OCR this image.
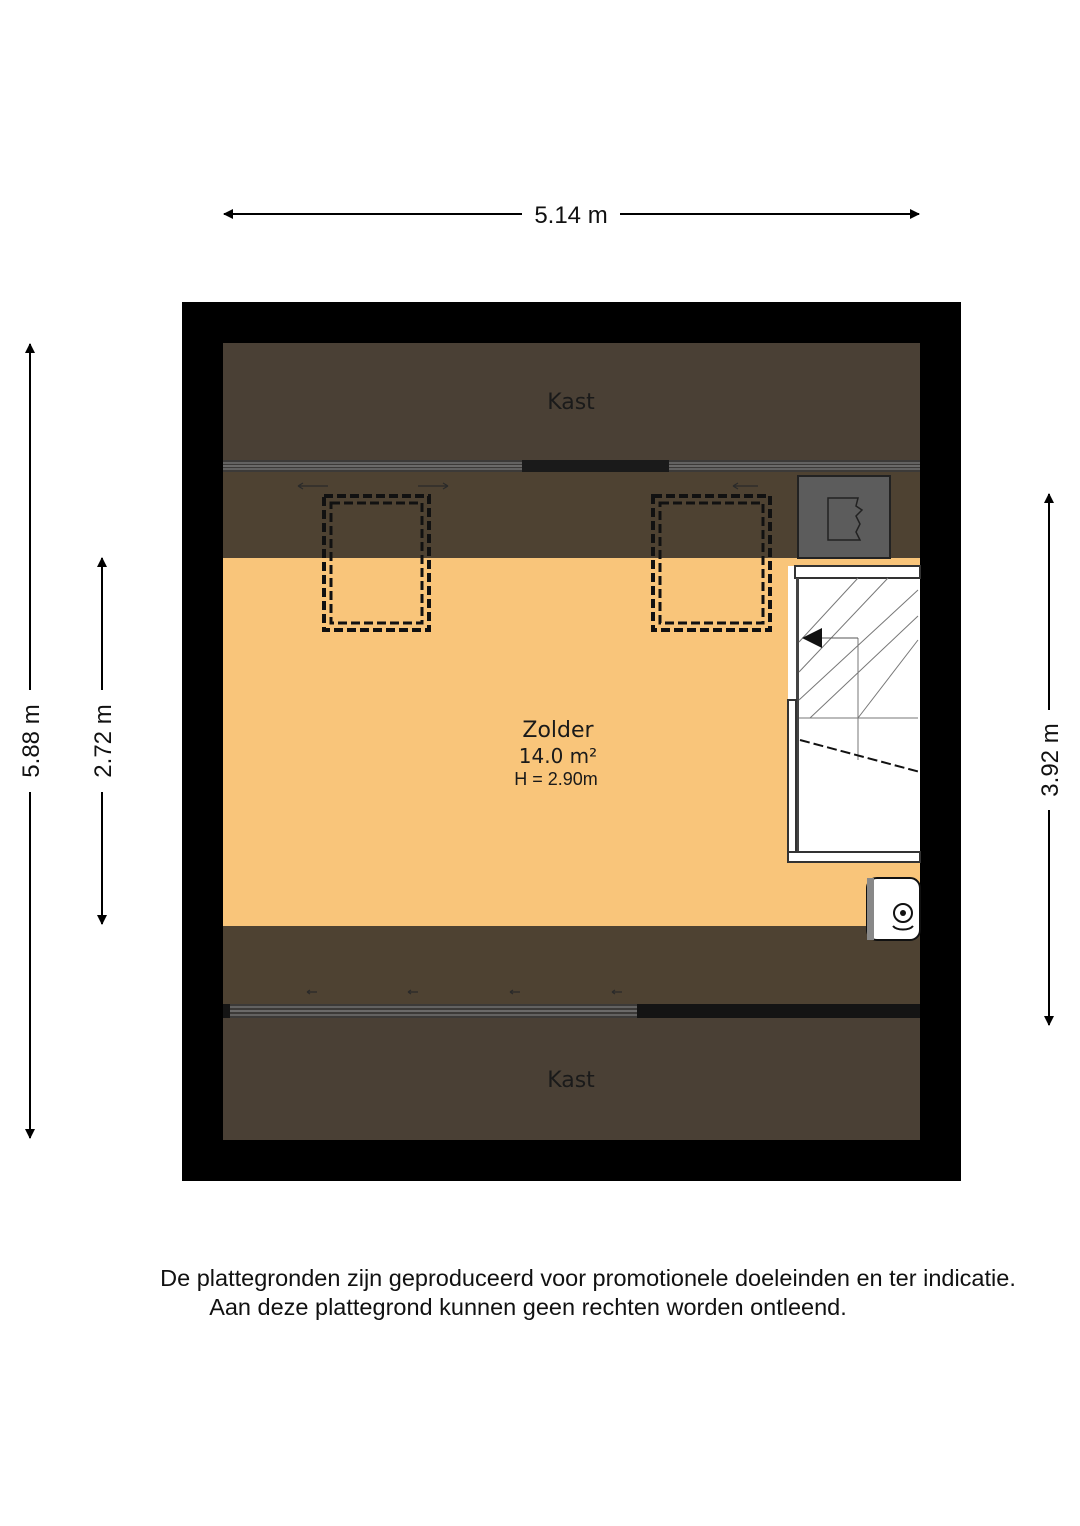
5.14 m
5.88 m 2.72 m	3.92 m
Kast
Zolder
14.0 m²
H = 2.90m
Kast
De plattegronden zijn geproduceerd voor promotionele doeleinden en ter indicatie.
Aan deze plattegrond kunnen geen rechten worden ontleend.
